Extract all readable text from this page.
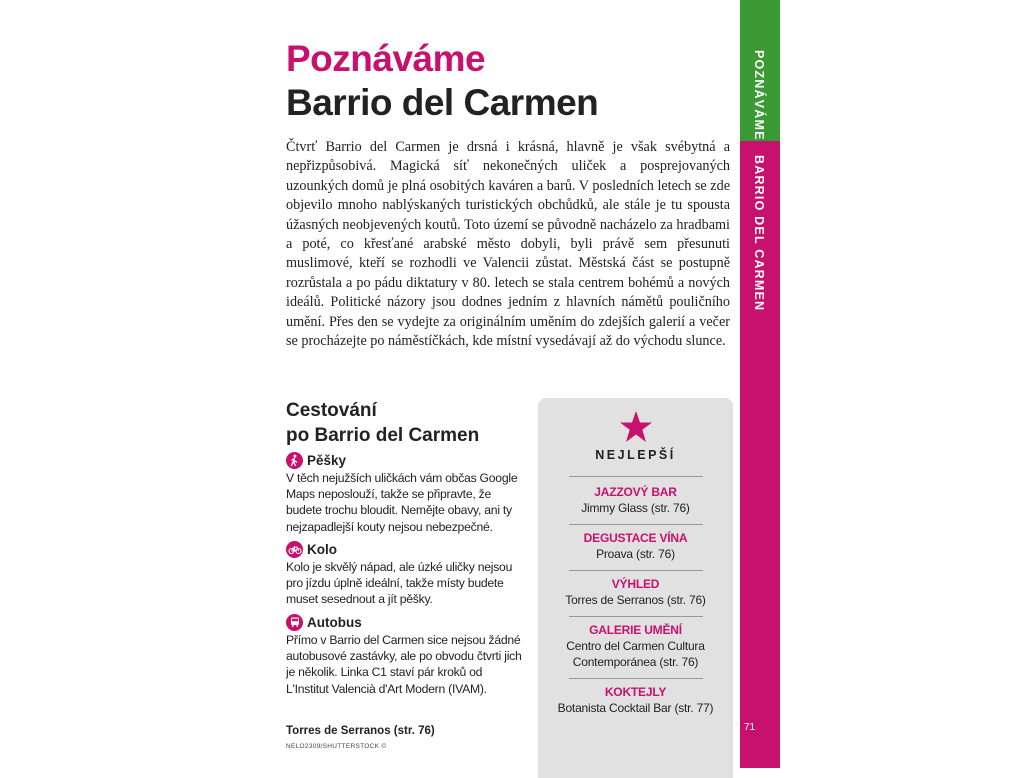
Poznáváme
Barrio del Carmen

Čtvrť Barrio del Carmen je drsná i krásná, hlavně je však svébytná a nepřizpůsobivá. Magická síť nekonečných uliček a posprejovaných uzounkých domů je plná osobitých kaváren a barů. V posledních letech se zde objevilo mnoho nablýskaných turistických obchůdků, ale stále je tu spousta úžasných neobjevených koutů. Toto území se původně nacházelo za hradbami a poté, co křesťané arabské město dobyli, byli právě sem přesunuti muslimové, kteří se rozhodli ve Valencii zůstat. Městská část se postupně rozrůstala a po pádu diktatury v 80. letech se stala centrem bohémů a nových ideálů. Politické názory jsou dodnes jedním z hlavních námětů pouličního umění. Přes den se vydejte za originálním uměním do zdejších galerií a večer se procházejte po náměstíčkách, kde místní vysedávají až do východu slunce.

Cestování
po Barrio del Carmen
Pěšky

V těch nejužších uličkách vám občas Google Maps neposlouží, takže se připravte, že budete trochu bloudit. Nemějte obavy, ani ty nejzapadlejší kouty nejsou nebezpečné.

Kolo

Kolo je skvělý nápad, ale úzké uličky nejsou pro jízdu úplně ideální, takže místy budete muset sesednout a jít pěšky.

Autobus

Přímo v Barrio del Carmen sice nejsou žádné autobusové zastávky, ale po obvodu čtvrti jich je několik. Linka C1 staví pár kroků od L'Institut Valencià d'Art Modern (IVAM).

Torres de Serranos (str. 76)
NELO2309/SHUTTERSTOCK ©
NEJLEPŠÍ
JAZZOVÝ BAR
Jimmy Glass (str. 76)
DEGUSTACE VÍNA
Proava (str. 76)
VÝHLED
Torres de Serranos (str. 76)
GALERIE UMĚNÍ
Centro del Carmen Cultura Contemporánea (str. 76)
KOKTEJLY
Botanista Cocktail Bar (str. 77)
POZNÁVÁME
BARRIO DEL CARMEN
71
